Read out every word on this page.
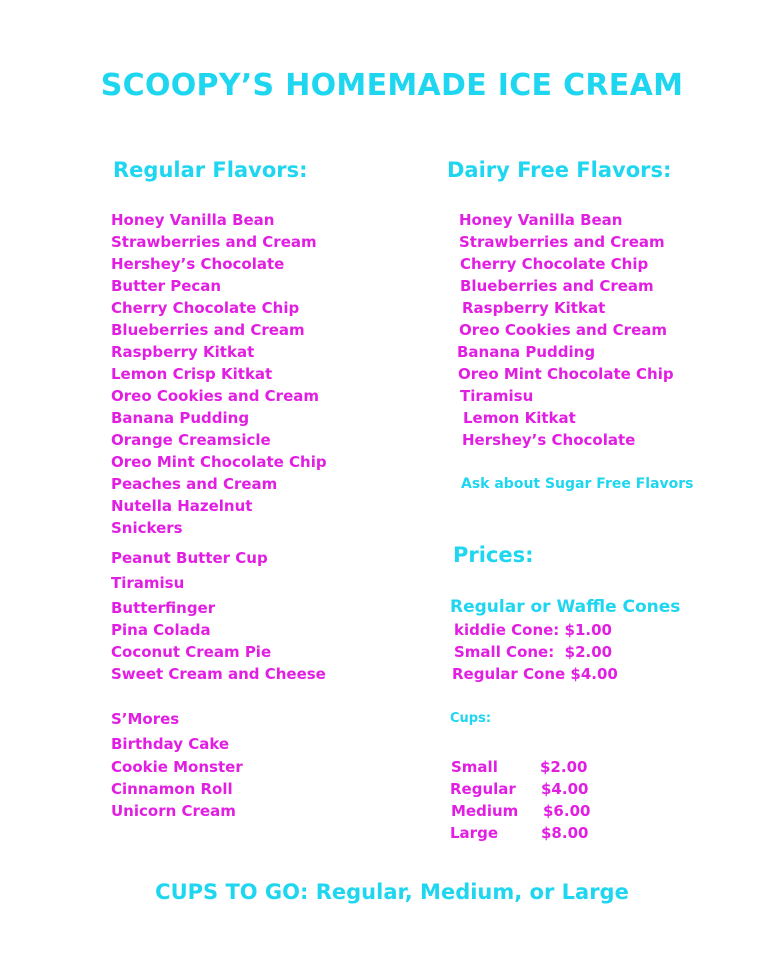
SCOOPY’S HOMEMADE ICE CREAM
Regular Flavors:
Honey Vanilla Bean
Strawberries and Cream
Hershey’s Chocolate
Butter Pecan
Cherry Chocolate Chip
Blueberries and Cream
Raspberry Kitkat
Lemon Crisp Kitkat
Oreo Cookies and Cream
Banana Pudding
Orange Creamsicle
Oreo Mint Chocolate Chip
Peaches and Cream
Nutella Hazelnut
Snickers
Peanut Butter Cup
Tiramisu
Butterfinger
Pina Colada
Coconut Cream Pie
Sweet Cream and Cheese
S’Mores
Birthday Cake
Cookie Monster
Cinnamon Roll
Unicorn Cream
Dairy Free Flavors:
Honey Vanilla Bean
Strawberries and Cream
Cherry Chocolate Chip
Blueberries and Cream
Raspberry Kitkat
Oreo Cookies and Cream
Banana Pudding
Oreo Mint Chocolate Chip
Tiramisu
Lemon Kitkat
Hershey’s Chocolate
Ask about Sugar Free Flavors
Prices:
Regular or Waffle Cones
kiddie Cone: $1.00
Small Cone:  $2.00
Regular Cone $4.00
Cups:
Small	$2.00
Regular $4.00
Medium $6.00
Large	$8.00
CUPS TO GO: Regular, Medium, or Large
